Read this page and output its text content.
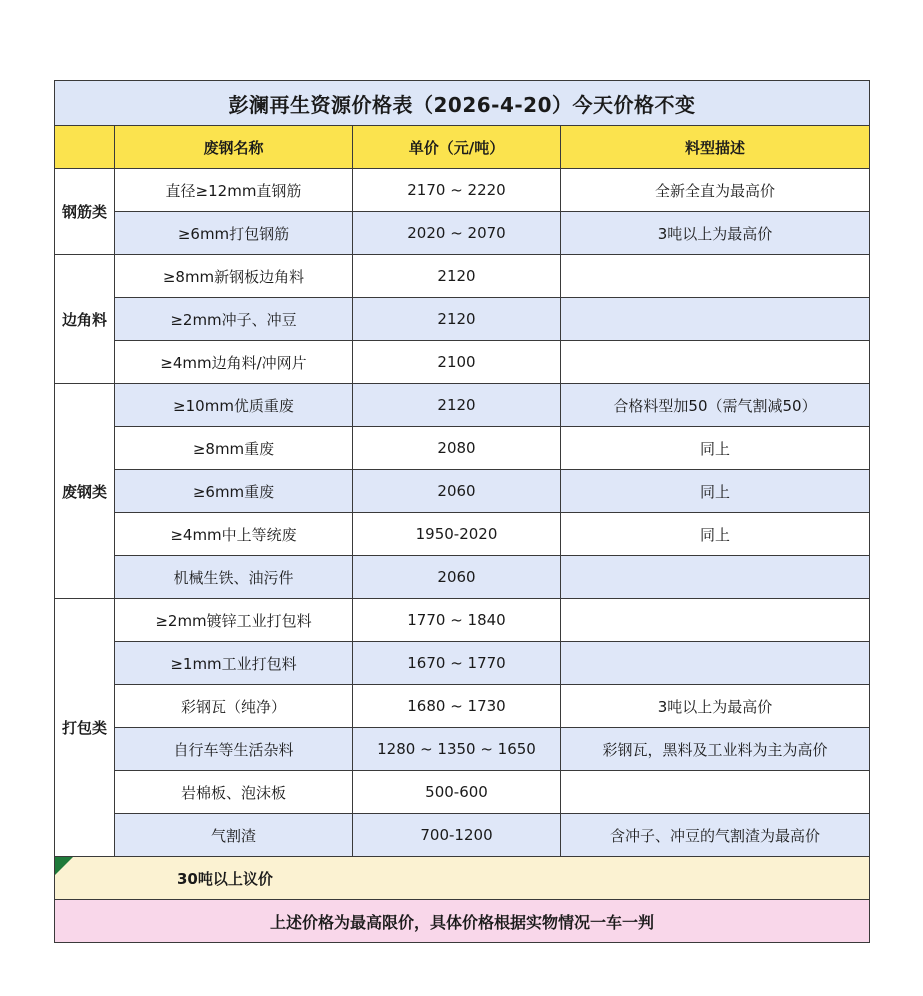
彭澜再生资源价格表（2026-4-20）今天价格不变			
	废钢名称	单价（元/吨）	料型描述
钢筋类	直径≥12mm直钢筋	2170 ~ 2220	全新全直为最高价
	≥6mm打包钢筋	2020 ~ 2070	3吨以上为最高价
边角料	≥8mm新钢板边角料	2120	
	≥2mm冲子、冲豆	2120	
	≥4mm边角料/冲网片	2100	
废钢类	≥10mm优质重废	2120	合格料型加50（需气割减50）
	≥8mm重废	2080	同上
	≥6mm重废	2060	同上
	≥4mm中上等统废	1950-2020	同上
	机械生铁、油污件	2060	
打包类	≥2mm镀锌工业打包料	1770 ~ 1840	
	≥1mm工业打包料	1670 ~ 1770	
	彩钢瓦（纯净）	1680 ~ 1730	3吨以上为最高价
	自行车等生活杂料	1280 ~ 1350 ~ 1650	彩钢瓦，黑料及工业料为主为高价
	岩棉板、泡沫板	500-600	
	气割渣	700-1200	含冲子、冲豆的气割渣为最高价

30吨以上议价			
上述价格为最高限价，具体价格根据实物情况一车一判			
